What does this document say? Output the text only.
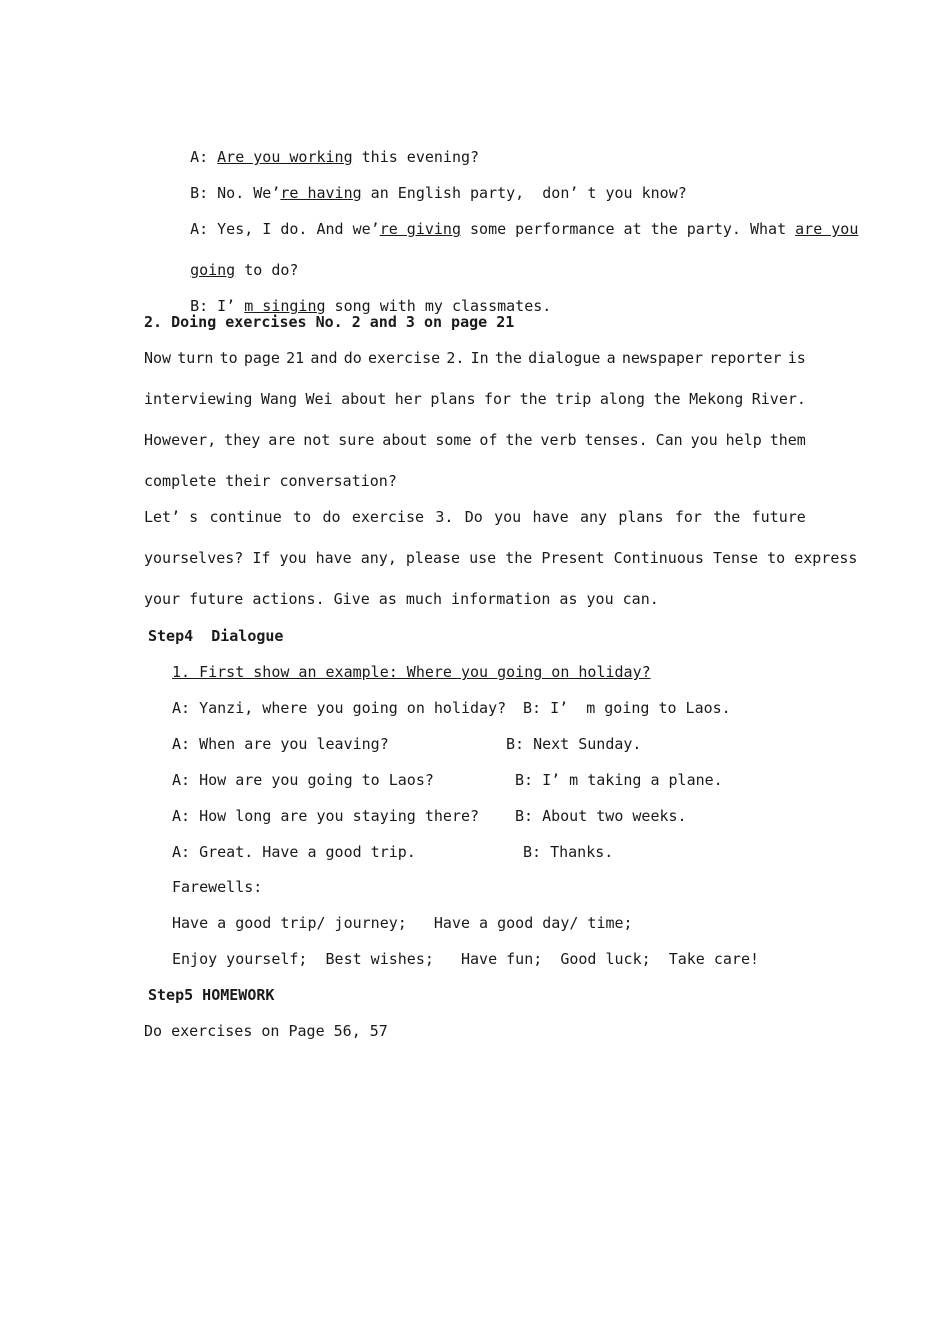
A: Are you working this evening?

B: No. We’re having an English party,  don’ t you know?

A: Yes, I do. And we’re giving some performance at the party. What are you

going to do?

B: I’ m singing song with my classmates.

2. Doing exercises No. 2 and 3 on page 21
Now turn to page 21 and do exercise 2. In the dialogue a newspaper reporter is
interviewing Wang Wei about her plans for the trip along the Mekong River.
However, they are not sure about some of the verb tenses. Can you help them
complete their conversation?
Let’ s continue to do exercise 3. Do you have any plans for the future
yourselves? If you have any, please use the Present Continuous Tense to express
your future actions. Give as much information as you can.
Step4  Dialogue
1. First show an example: Where you going on holiday?
A: Yanzi, where you going on holiday? B: I’  m going to Laos.
A: When are you leaving?	B: Next Sunday.
A: How are you going to Laos?	B: I’ m taking a plane.
A: How long are you staying there? B: About two weeks.
A: Great. Have a good trip.	B: Thanks.
Farewells:
Have a good trip/ journey;   Have a good day/ time;
Enjoy yourself;  Best wishes;   Have fun;  Good luck;  Take care!
Step5 HOMEWORK
Do exercises on Page 56, 57
